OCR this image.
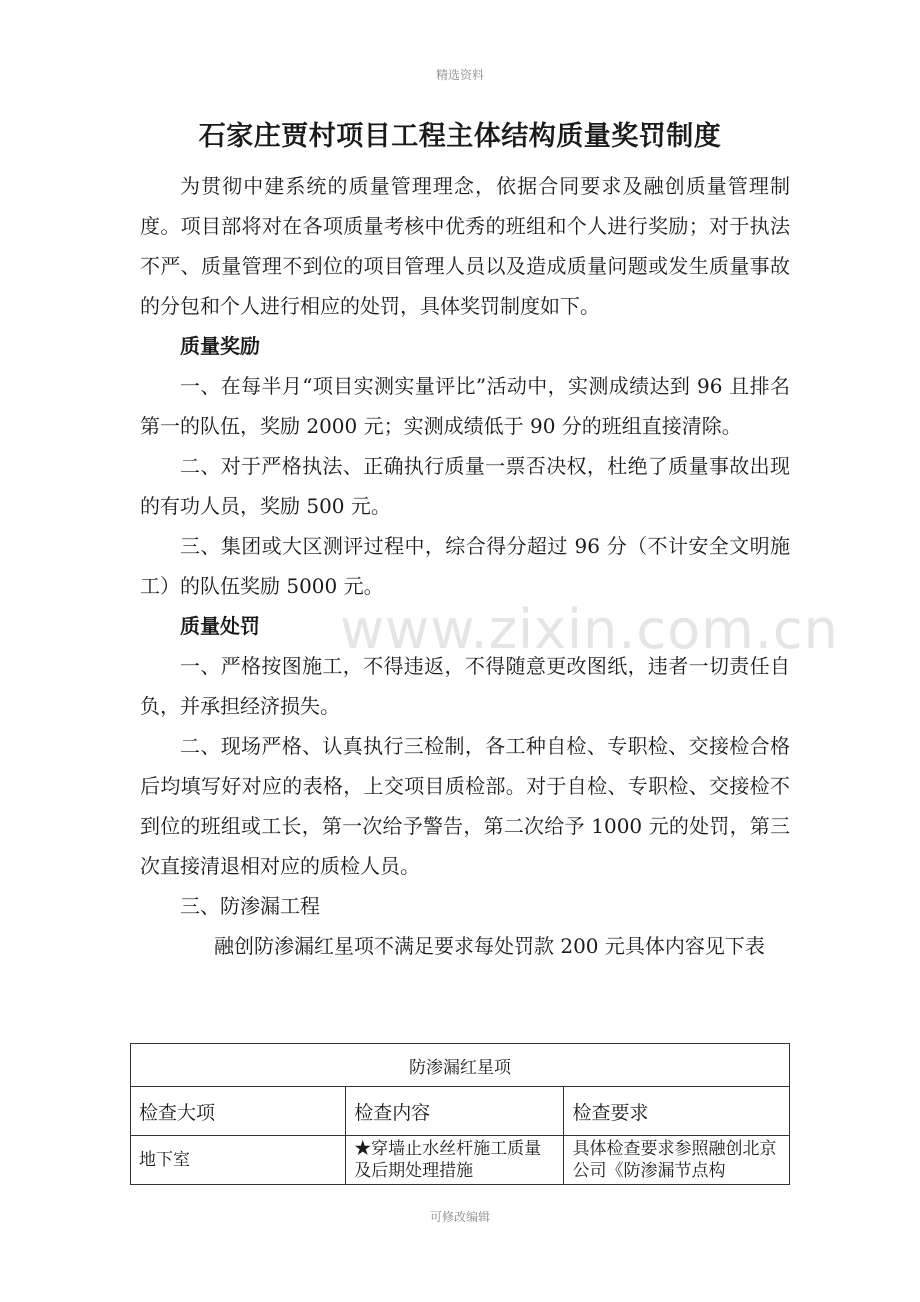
精选资料
石家庄贾村项目工程主体结构质量奖罚制度
www.zixin.com.cn

为贯彻中建系统的质量管理理念，依据合同要求及融创质量管理制度。项目部将对在各项质量考核中优秀的班组和个人进行奖励；对于执法不严、质量管理不到位的项目管理人员以及造成质量问题或发生质量事故的分包和个人进行相应的处罚，具体奖罚制度如下。

质量奖励

一、在每半月“项目实测实量评比”活动中，实测成绩达到 96 且排名第一的队伍，奖励 2000 元；实测成绩低于 90 分的班组直接清除。

二、对于严格执法、正确执行质量一票否决权，杜绝了质量事故出现的有功人员，奖励 500 元。

三、集团或大区测评过程中，综合得分超过 96 分（不计安全文明施工）的队伍奖励 5000 元。

质量处罚

一、严格按图施工，不得违返，不得随意更改图纸，违者一切责任自负，并承担经济损失。

二、现场严格、认真执行三检制，各工种自检、专职检、交接检合格后均填写好对应的表格，上交项目质检部。对于自检、专职检、交接检不到位的班组或工长，第一次给予警告，第二次给予 1000 元的处罚，第三次直接清退相对应的质检人员。

三、防渗漏工程

融创防渗漏红星项不满足要求每处罚款 200 元具体内容见下表

防渗漏红星项		
检查大项	检查内容	检查要求
地下室	★穿墙止水丝杆施工质量及后期处理措施	具体检查要求参照融创北京公司《防渗漏节点构
可修改编辑
